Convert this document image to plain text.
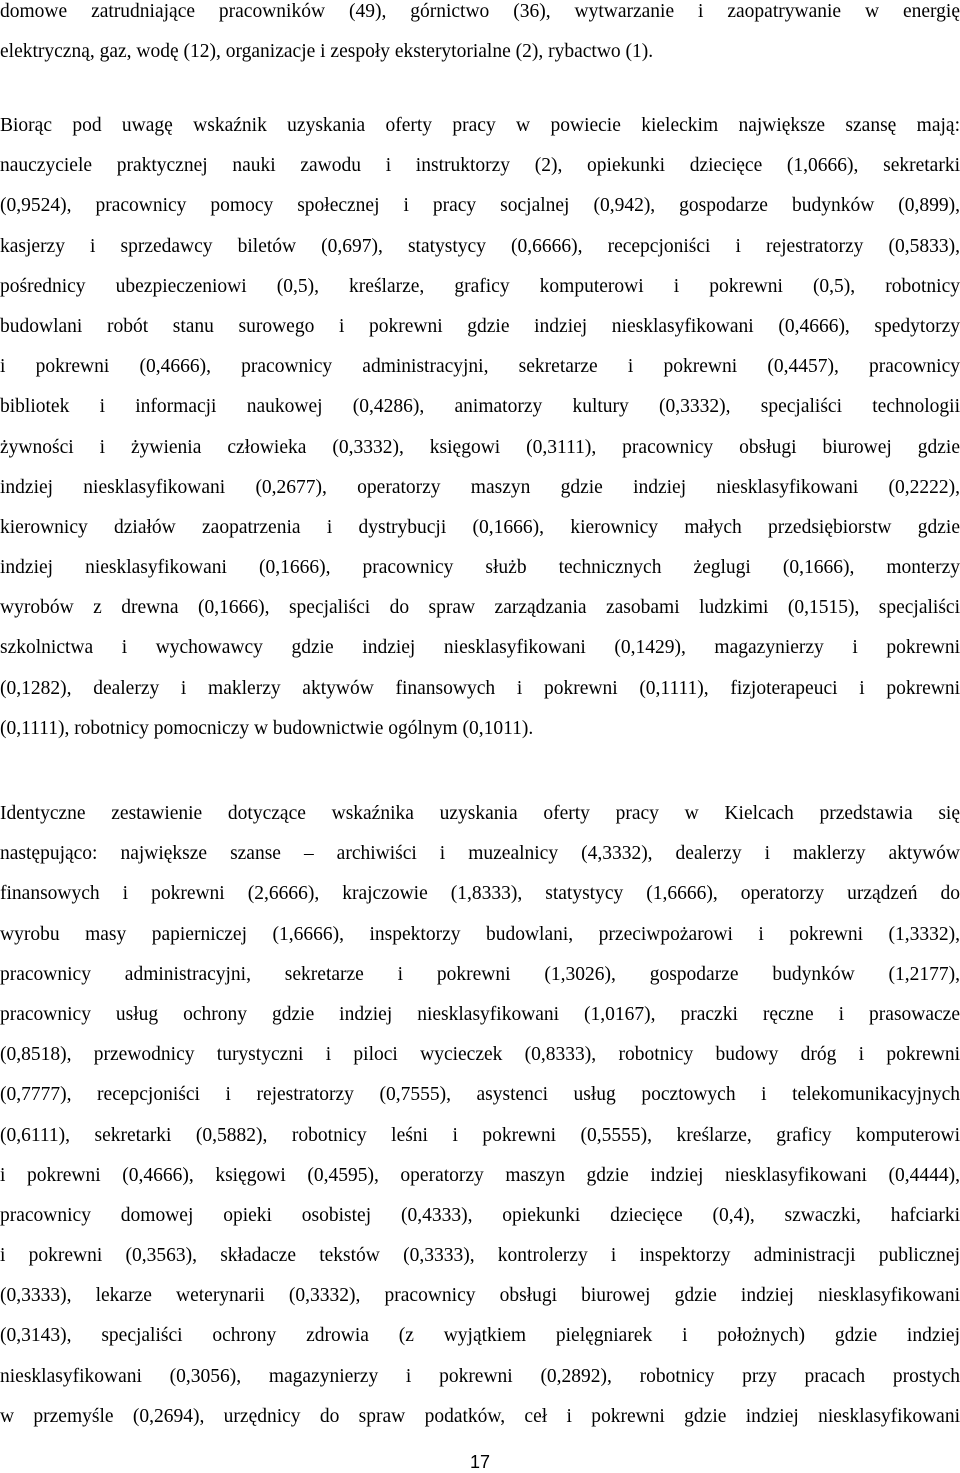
domowe zatrudniające pracowników (49), górnictwo (36), wytwarzanie i zaopatrywanie w energię
elektryczną, gaz, wodę (12), organizacje i zespoły eksterytorialne (2), rybactwo (1).
Biorąc pod uwagę wskaźnik uzyskania oferty pracy w powiecie kieleckim największe szansę mają:
nauczyciele praktycznej nauki zawodu i instruktorzy (2), opiekunki dziecięce (1,0666), sekretarki
(0,9524), pracownicy pomocy społecznej i pracy socjalnej (0,942), gospodarze budynków (0,899),
kasjerzy i sprzedawcy biletów (0,697), statystycy (0,6666), recepcjoniści i rejestratorzy (0,5833),
pośrednicy ubezpieczeniowi (0,5), kreślarze, graficy komputerowi i pokrewni (0,5), robotnicy
budowlani robót stanu surowego i pokrewni gdzie indziej niesklasyfikowani (0,4666), spedytorzy
i pokrewni (0,4666), pracownicy administracyjni, sekretarze i pokrewni (0,4457), pracownicy
bibliotek i informacji naukowej (0,4286), animatorzy kultury (0,3332), specjaliści technologii
żywności i żywienia człowieka (0,3332), księgowi (0,3111), pracownicy obsługi biurowej gdzie
indziej niesklasyfikowani (0,2677), operatorzy maszyn gdzie indziej niesklasyfikowani (0,2222),
kierownicy działów zaopatrzenia i dystrybucji (0,1666), kierownicy małych przedsiębiorstw gdzie
indziej niesklasyfikowani (0,1666), pracownicy służb technicznych żeglugi (0,1666), monterzy
wyrobów z drewna (0,1666), specjaliści do spraw zarządzania zasobami ludzkimi (0,1515), specjaliści
szkolnictwa i wychowawcy gdzie indziej niesklasyfikowani (0,1429), magazynierzy i pokrewni
(0,1282), dealerzy i maklerzy aktywów finansowych i pokrewni (0,1111), fizjoterapeuci i pokrewni
(0,1111), robotnicy pomocniczy w budownictwie ogólnym (0,1011).
Identyczne zestawienie dotyczące wskaźnika uzyskania oferty pracy w Kielcach przedstawia się
następująco: największe szanse – archiwiści i muzealnicy (4,3332), dealerzy i maklerzy aktywów
finansowych i pokrewni (2,6666), krajczowie (1,8333), statystycy (1,6666), operatorzy urządzeń do
wyrobu masy papierniczej (1,6666), inspektorzy budowlani, przeciwpożarowi i pokrewni (1,3332),
pracownicy administracyjni, sekretarze i pokrewni (1,3026), gospodarze budynków (1,2177),
pracownicy usług ochrony gdzie indziej niesklasyfikowani (1,0167), praczki ręczne i prasowacze
(0,8518), przewodnicy turystyczni i piloci wycieczek (0,8333), robotnicy budowy dróg i pokrewni
(0,7777), recepcjoniści i rejestratorzy (0,7555), asystenci usług pocztowych i telekomunikacyjnych
(0,6111), sekretarki (0,5882), robotnicy leśni i pokrewni (0,5555), kreślarze, graficy komputerowi
i pokrewni (0,4666), księgowi (0,4595), operatorzy maszyn gdzie indziej niesklasyfikowani (0,4444),
pracownicy domowej opieki osobistej (0,4333), opiekunki dziecięce (0,4), szwaczki, hafciarki
i pokrewni (0,3563), składacze tekstów (0,3333), kontrolerzy i inspektorzy administracji publicznej
(0,3333), lekarze weterynarii (0,3332), pracownicy obsługi biurowej gdzie indziej niesklasyfikowani
(0,3143), specjaliści ochrony zdrowia (z wyjątkiem pielęgniarek i położnych) gdzie indziej
niesklasyfikowani (0,3056), magazynierzy i pokrewni (0,2892), robotnicy przy pracach prostych
w przemyśle (0,2694), urzędnicy do spraw podatków, ceł i pokrewni gdzie indziej niesklasyfikowani
17
